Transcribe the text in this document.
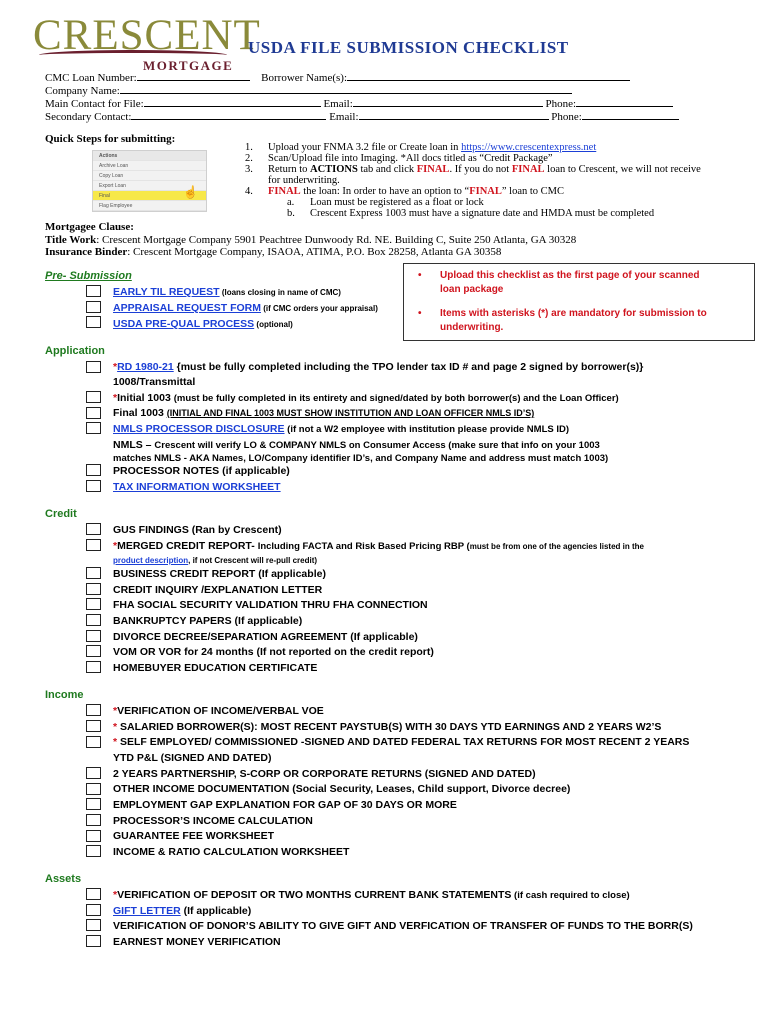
CRESCENT
MORTGAGE
USDA FILE SUBMISSION CHECKLIST
CMC Loan Number:	Borrower Name(s):
Company Name:
Main Contact for File:	Email:	Phone:
Secondary Contact:	Email:	Phone:
Quick Steps for submitting:
Actions
Archive Loan
Copy Loan
Export Loan
Final
Flag Employee
☝
1.	Upload your FNMA 3.2 file or Create loan in
https://www.crescentexpress.net
2.	Scan/Upload file into Imaging. *All docs titled as “Credit Package”
3.	Return to ACTIONS tab and click FINAL. If you do not FINAL loan to Crescent, we will not receive
for underwriting.
4.	FINAL the loan: In order to have an option to “FINAL” loan to CMC
a.	Loan must be registered as a float or lock
b.	Crescent Express 1003 must have a signature date and HMDA must be completed
Mortgagee Clause:
Title Work: Crescent Mortgage Company 5901 Peachtree Dunwoody Rd. NE. Building C, Suite 250 Atlanta, GA 30328
Insurance Binder: Crescent Mortgage Company, ISAOA, ATIMA, P.O. Box 28258, Atlanta GA 30358
•	Upload this checklist as the first page of your scanned
loan package
•	Items with asterisks (*) are mandatory for submission to
underwriting.
Pre- Submission
EARLY TIL REQUEST (loans closing in name of CMC)
APPRAISAL REQUEST FORM (if CMC orders your appraisal)
USDA PRE-QUAL PROCESS (optional)
Application
*RD 1980-21 {must be fully completed including the TPO lender tax ID # and page 2 signed by borrower(s)}
1008/Transmittal
*Initial 1003 (must be fully completed in its entirety and signed/dated by both borrower(s) and the Loan Officer)
Final 1003 (INITIAL AND FINAL 1003 MUST SHOW INSTITUTION AND LOAN OFFICER NMLS ID’S)
NMLS PROCESSOR DISCLOSURE (if not a W2 employee with institution please provide NMLS ID)
NMLS – Crescent will verify LO & COMPANY NMLS on Consumer Access (make sure that info on your 1003
matches NMLS - AKA Names, LO/Company identifier ID’s, and Company Name and address must match 1003)
PROCESSOR NOTES (if applicable)
TAX INFORMATION WORKSHEET
Credit
GUS FINDINGS (Ran by Crescent)
*MERGED CREDIT REPORT- Including FACTA and Risk Based Pricing RBP (must be from one of the agencies listed in the
product description, if not Crescent will re-pull credit)
BUSINESS CREDIT REPORT (If applicable)
CREDIT INQUIRY /EXPLANATION LETTER
FHA SOCIAL SECURITY VALIDATION THRU FHA CONNECTION
BANKRUPTCY PAPERS (If applicable)
DIVORCE DECREE/SEPARATION AGREEMENT (If applicable)
VOM OR VOR for 24 months (If not reported on the credit report)
HOMEBUYER EDUCATION CERTIFICATE
Income
*VERIFICATION OF INCOME/VERBAL VOE
* SALARIED BORROWER(S): MOST RECENT PAYSTUB(S) WITH 30 DAYS YTD EARNINGS AND 2 YEARS W2’S
* SELF EMPLOYED/ COMMISSIONED -SIGNED AND DATED FEDERAL TAX RETURNS FOR MOST RECENT 2 YEARS
YTD P&L (SIGNED AND DATED)
2 YEARS PARTNERSHIP, S-CORP OR CORPORATE RETURNS (SIGNED AND DATED)
OTHER INCOME DOCUMENTATION (Social Security, Leases, Child support, Divorce decree)
EMPLOYMENT GAP EXPLANATION FOR GAP OF 30 DAYS OR MORE
PROCESSOR’S INCOME CALCULATION
GUARANTEE FEE WORKSHEET
INCOME & RATIO CALCULATION WORKSHEET
Assets
*VERIFICATION OF DEPOSIT OR TWO MONTHS CURRENT BANK STATEMENTS (if cash required to close)
GIFT LETTER (If applicable)
VERIFICATION OF DONOR’S ABILITY TO GIVE GIFT AND VERFICATION OF TRANSFER OF FUNDS TO THE BORR(S)
EARNEST MONEY VERIFICATION
